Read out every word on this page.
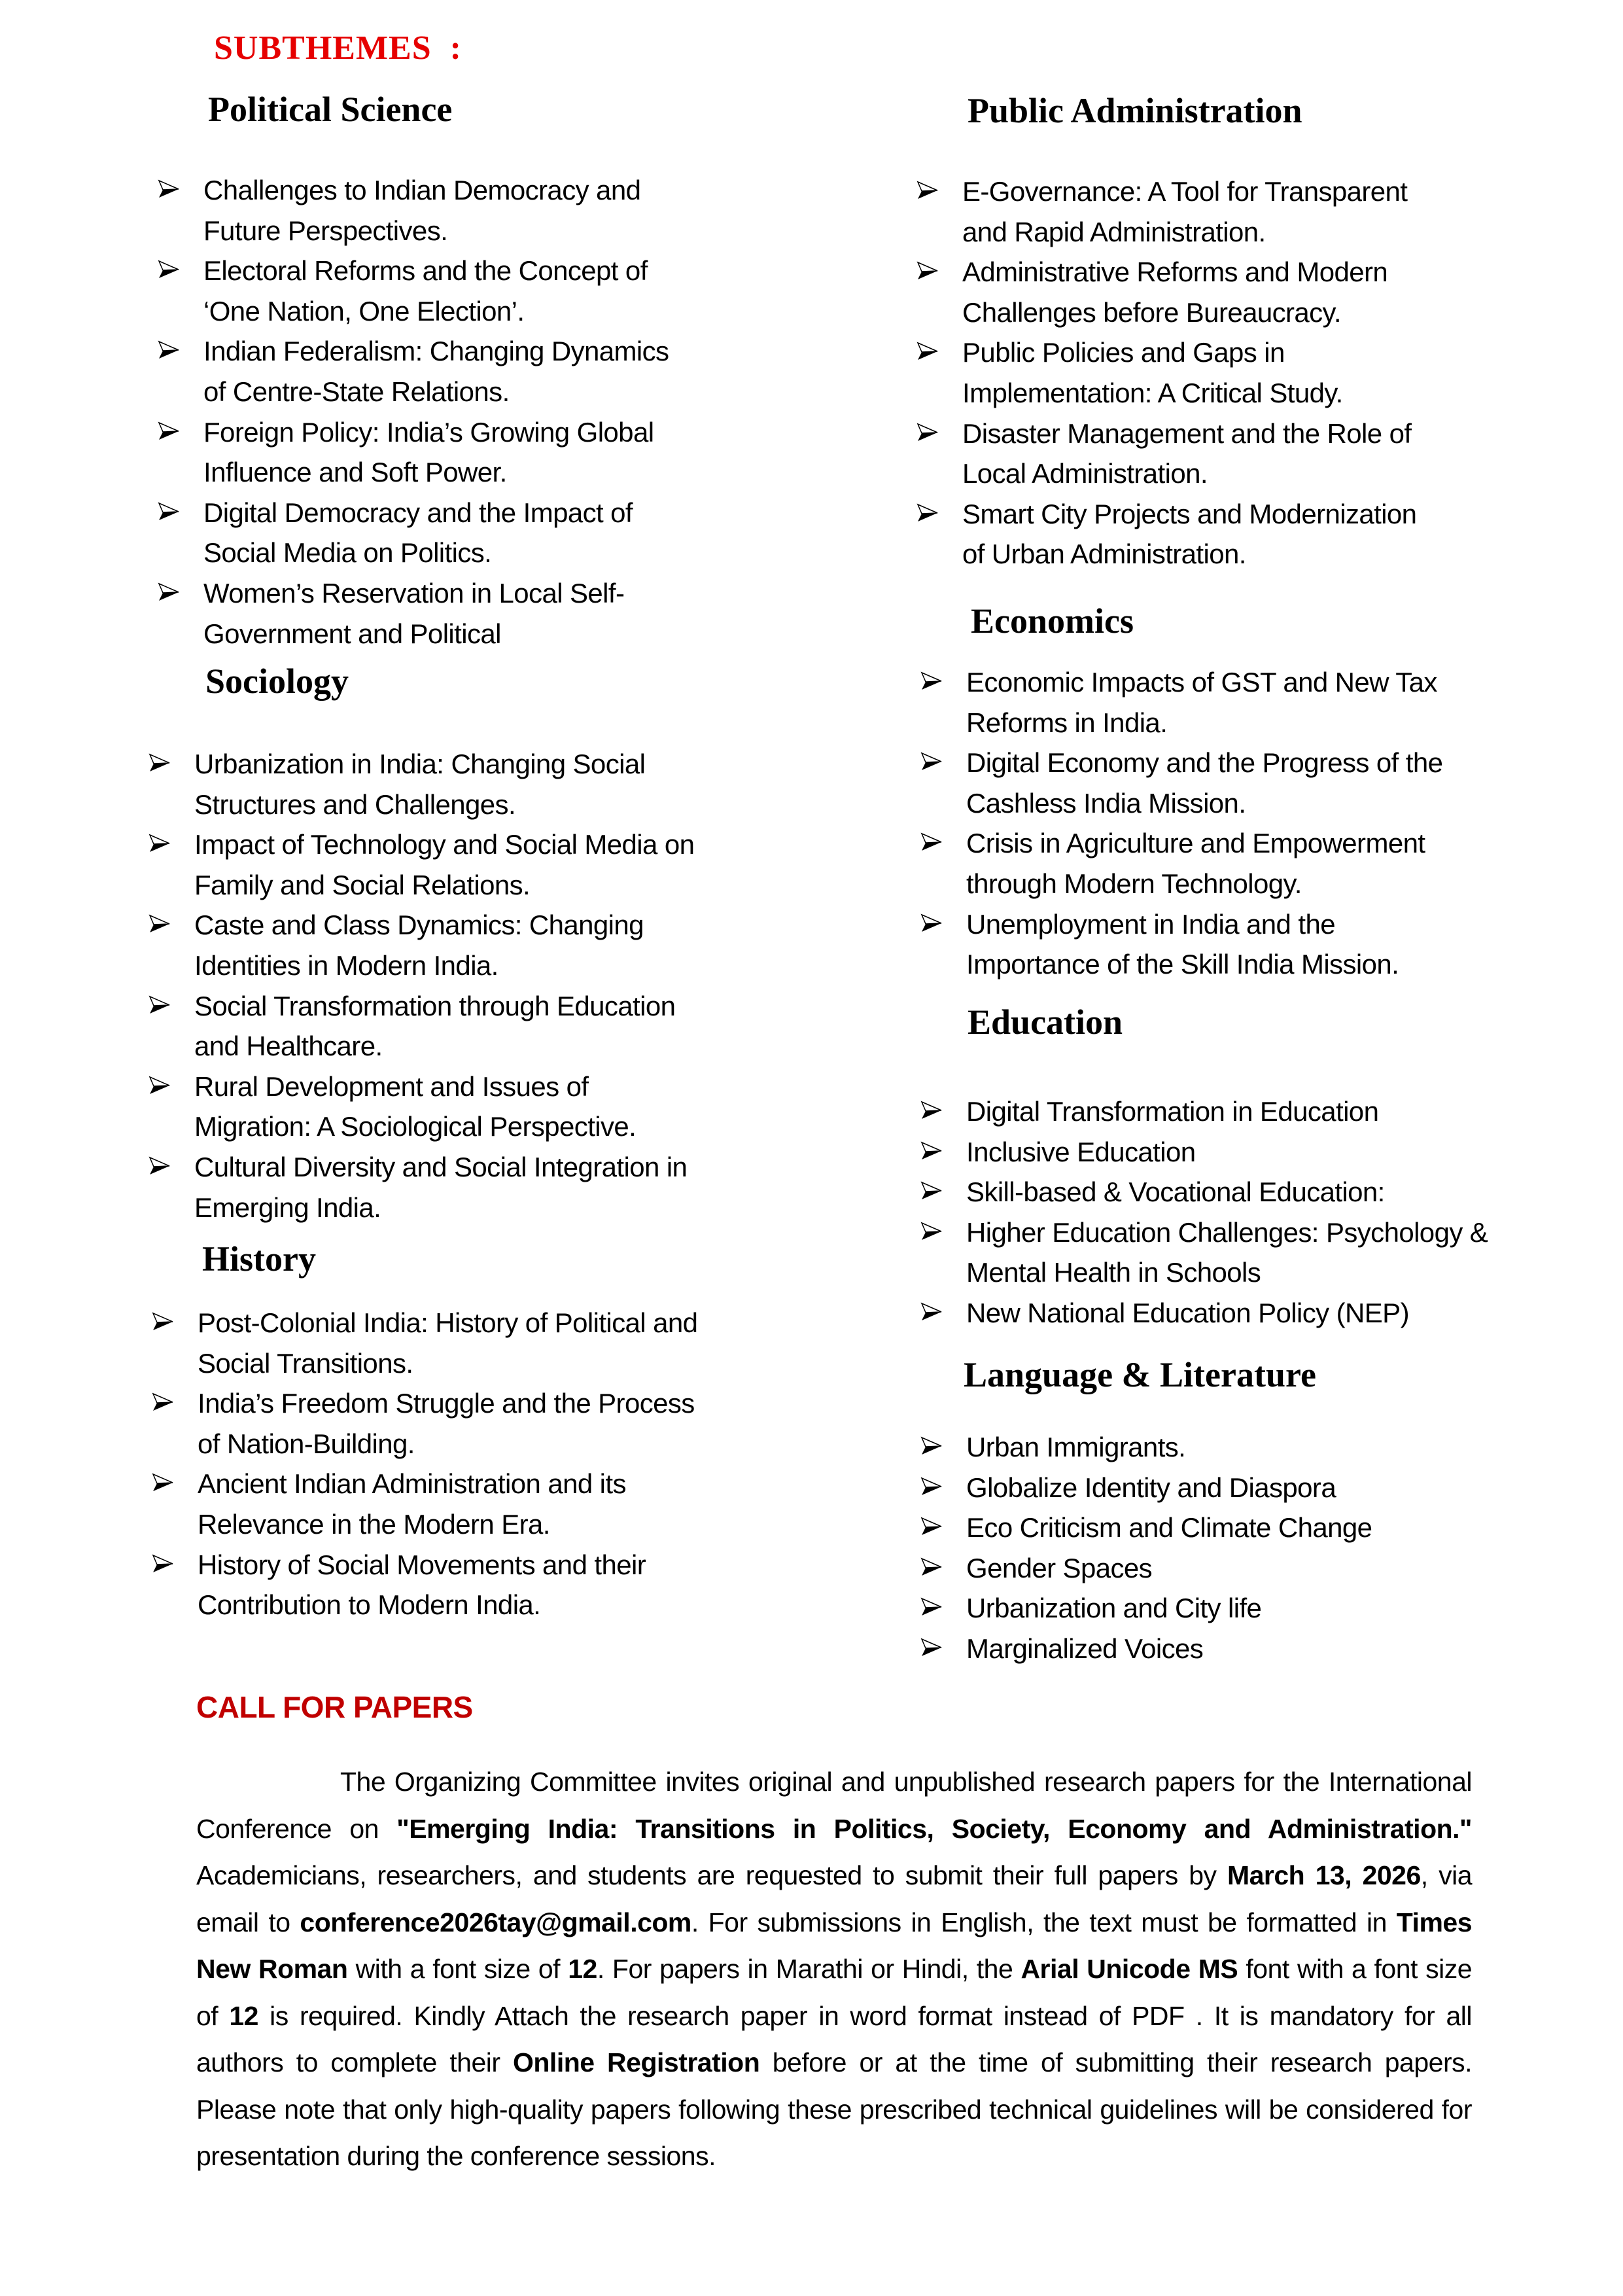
SUBTHEMES  :
Political Science
Challenges to Indian Democracy and
Future Perspectives.
Electoral Reforms and the Concept of
‘One Nation, One Election’.
Indian Federalism: Changing Dynamics
of Centre-State Relations.
Foreign Policy: India’s Growing Global
Influence and Soft Power.
Digital Democracy and the Impact of
Social Media on Politics.
Women’s Reservation in Local Self-
Government and Political
Sociology
Urbanization in India: Changing Social
Structures and Challenges.
Impact of Technology and Social Media on
Family and Social Relations.
Caste and Class Dynamics: Changing
Identities in Modern India.
Social Transformation through Education
and Healthcare.
Rural Development and Issues of
Migration: A Sociological Perspective.
Cultural Diversity and Social Integration in
Emerging India.
History
Post-Colonial India: History of Political and
Social Transitions.
India’s Freedom Struggle and the Process
of Nation-Building.
Ancient Indian Administration and its
Relevance in the Modern Era.
History of Social Movements and their
Contribution to Modern India.
Public Administration
E-Governance: A Tool for Transparent
and Rapid Administration.
Administrative Reforms and Modern
Challenges before Bureaucracy.
Public Policies and Gaps in
Implementation: A Critical Study.
Disaster Management and the Role of
Local Administration.
Smart City Projects and Modernization
of Urban Administration.
Economics
Economic Impacts of GST and New Tax
Reforms in India.
Digital Economy and the Progress of the
Cashless India Mission.
Crisis in Agriculture and Empowerment
through Modern Technology.
Unemployment in India and the
Importance of the Skill India Mission.
Education
Digital Transformation in Education
Inclusive Education
Skill-based & Vocational Education:
Higher Education Challenges: Psychology &
Mental Health in Schools
New National Education Policy (NEP)
Language & Literature
Urban Immigrants.
Globalize Identity and Diaspora
Eco Criticism and Climate Change
Gender Spaces
Urbanization and City life
Marginalized Voices
CALL FOR PAPERS
The Organizing Committee invites original and unpublished research papers for the International Conference on "Emerging India: Transitions in Politics, Society, Economy and Administration." Academicians, researchers, and students are requested to submit their full papers by March 13, 2026, via email to conference2026tay@gmail.com. For submissions in English, the text must be formatted in Times New Roman with a font size of 12. For papers in Marathi or Hindi, the Arial Unicode MS font with a font size of 12 is required. Kindly Attach the research paper in word format instead of PDF . It is mandatory for all authors to complete their Online Registration before or at the time of submitting their research papers. Please note that only high-quality papers following these prescribed technical guidelines will be considered for presentation during the conference sessions.
